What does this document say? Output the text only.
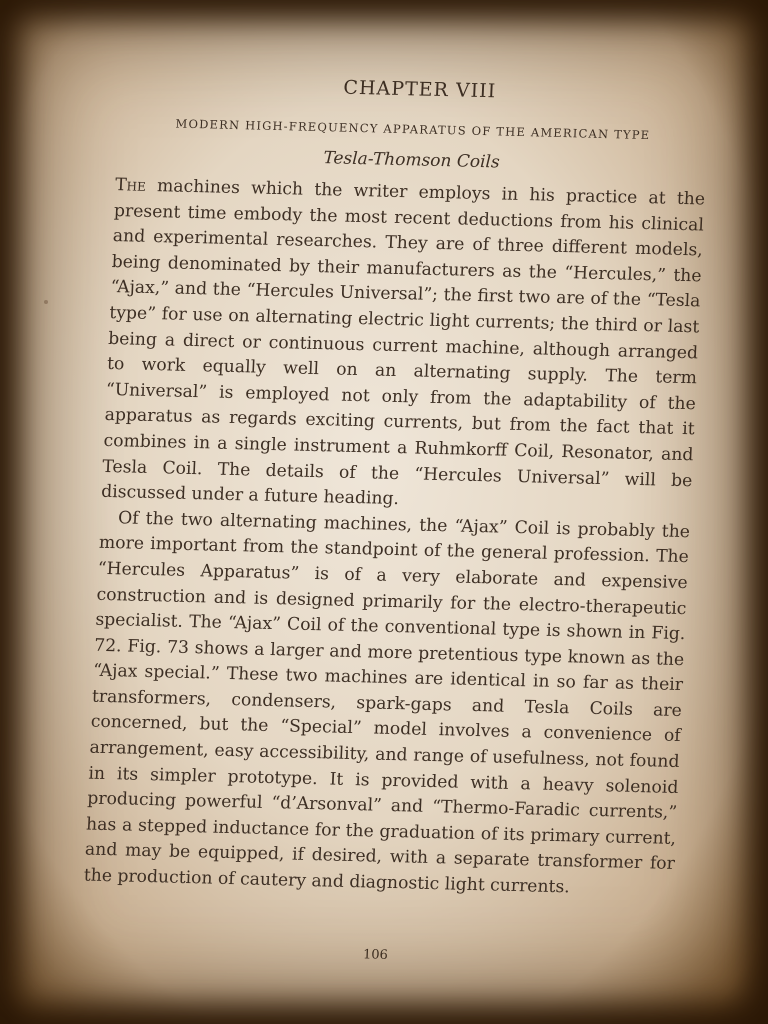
CHAPTER VIII
MODERN HIGH-FREQUENCY APPARATUS OF THE AMERICAN TYPE
Tesla-Thomson Coils

The machines which the writer employs in his practice at the present time embody the most recent deductions from his clinical and experimental researches. They are of three different models, being denominated by their manufacturers as the “Hercules,” the “Ajax,” and the “Hercules Universal”; the first two are of the “Tesla type” for use on alternating electric light currents; the third or last being a direct or continuous current machine, although arranged to work equally well on an alternating supply. The term “Universal” is employed not only from the adaptability of the apparatus as regards exciting currents, but from the fact that it combines in a single instrument a Ruhmkorff Coil, Resonator, and Tesla Coil. The details of the “Hercules Universal” will be discussed under a future heading.

Of the two alternating machines, the “Ajax” Coil is probably the more important from the standpoint of the general profession. The “Hercules Apparatus” is of a very elaborate and expensive construction and is designed primarily for the electro-therapeutic specialist. The “Ajax” Coil of the conventional type is shown in Fig. 72. Fig. 73 shows a larger and more pretentious type known as the “Ajax special.” These two machines are identical in so far as their transformers, condensers, spark-gaps and Tesla Coils are concerned, but the “Special” model involves a convenience of arrangement, easy accessibility, and range of usefulness, not found in its simpler prototype. It is provided with a heavy solenoid producing powerful “d’Arsonval” and “Thermo-Faradic currents,” has a stepped inductance for the graduation of its primary current, and may be equipped, if desired, with a separate transformer for the production of cautery and diagnostic light currents.

106
